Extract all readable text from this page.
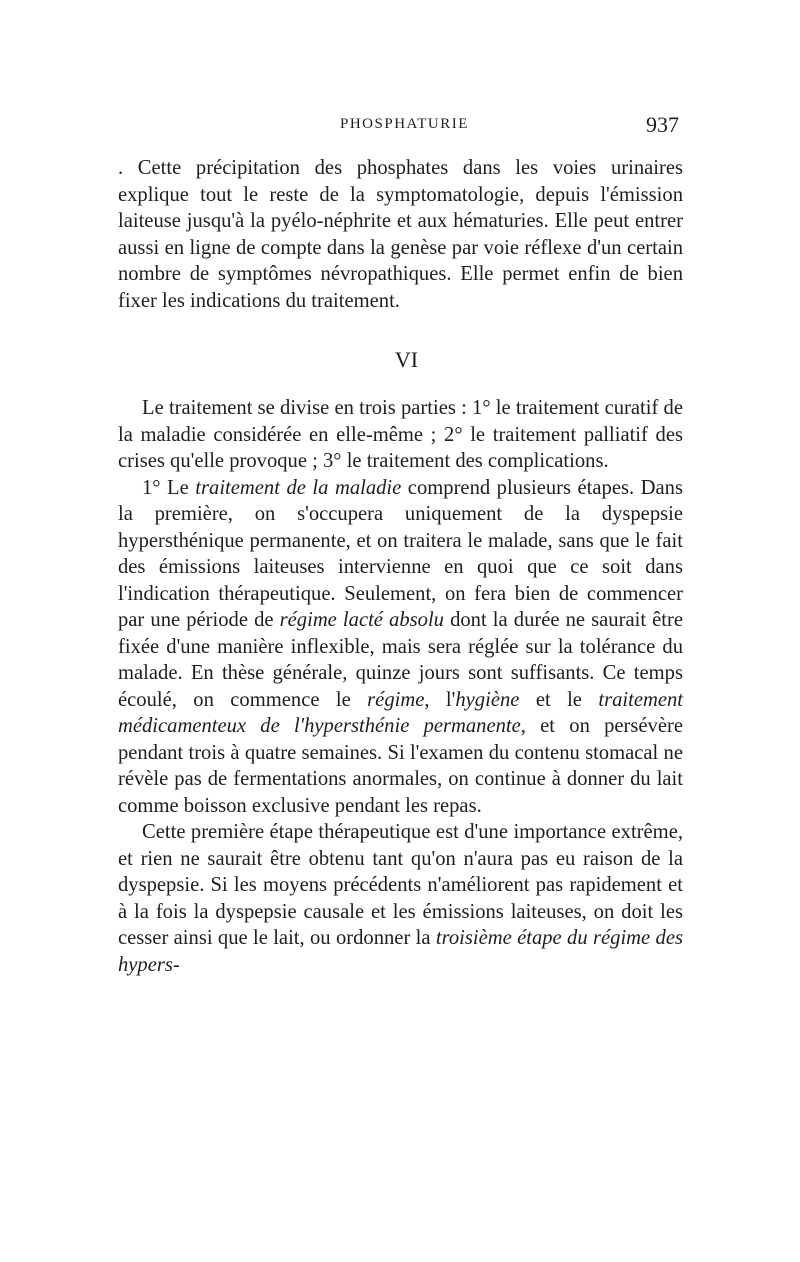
PHOSPHATURIE	937

. Cette précipitation des phosphates dans les voies urinaires explique tout le reste de la symptomatologie, depuis l'émission laiteuse jusqu'à la pyélo-néphrite et aux hématuries. Elle peut entrer aussi en ligne de compte dans la genèse par voie réflexe d'un certain nombre de symptômes névropathiques. Elle permet enfin de bien fixer les indications du traitement.

VI

Le traitement se divise en trois parties : 1° le traitement curatif de la maladie considérée en elle-même ; 2° le traitement palliatif des crises qu'elle provoque ; 3° le traitement des complications.

1° Le traitement de la maladie comprend plusieurs étapes. Dans la première, on s'occupera uniquement de la dyspepsie hypersthénique permanente, et on traitera le malade, sans que le fait des émissions laiteuses intervienne en quoi que ce soit dans l'indication thérapeutique. Seulement, on fera bien de commencer par une période de régime lacté absolu dont la durée ne saurait être fixée d'une manière inflexible, mais sera réglée sur la tolérance du malade. En thèse générale, quinze jours sont suffisants. Ce temps écoulé, on commence le régime, l'hygiène et le traitement médicamenteux de l'hypersthénie permanente, et on persévère pendant trois à quatre semaines. Si l'examen du contenu stomacal ne révèle pas de fermentations anormales, on continue à donner du lait comme boisson exclusive pendant les repas.

Cette première étape thérapeutique est d'une importance extrême, et rien ne saurait être obtenu tant qu'on n'aura pas eu raison de la dyspepsie. Si les moyens précédents n'améliorent pas rapidement et à la fois la dyspepsie causale et les émissions laiteuses, on doit les cesser ainsi que le lait, ou ordonner la troisième étape du régime des hypers-
